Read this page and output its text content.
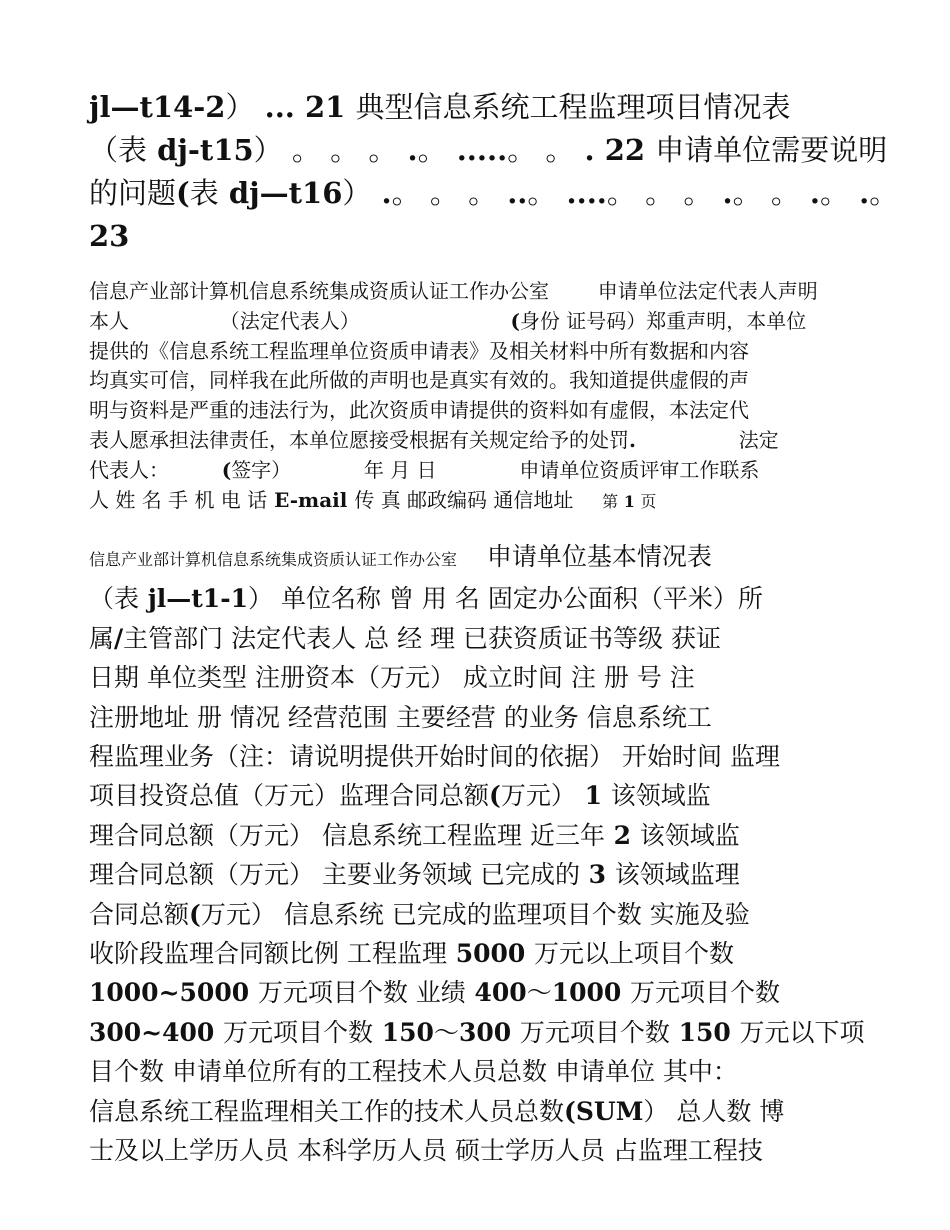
jl—t14-2） ... 21 典型信息系统工程监理项目情况表
（表 dj-t15） 。 。 。 .。 .....。 。 . 22 申请单位需要说明
的问题(表 dj—t16） .。 。 。 ..。 ....。 。 。 .。 。 .。 .。
23
信息产业部计算机信息系统集成资质认证工作办公室 申请单位法定代表人声明
本人	（法定代表人）	(身份 证号码）郑重声明，本单位
提供的《信息系统工程监理单位资质申请表》及相关材料中所有数据和内容
均真实可信，同样我在此所做的声明也是真实有效的。我知道提供虚假的声
明与资料是严重的违法行为，此次资质申请提供的资料如有虚假，本法定代
表人愿承担法律责任，本单位愿接受根据有关规定给予的处罚.	法定
代表人：	(签字）	年 月 日	申请单位资质评审工作联系
人 姓 名 手 机 电 话 E-mail 传 真 邮政编码 通信地址 第 1 页
信息产业部计算机信息系统集成资质认证工作办公室 申请单位基本情况表
（表 jl—t1-1） 单位名称 曾 用 名 固定办公面积（平米）所
属/主管部门 法定代表人 总 经 理 已获资质证书等级 获证
日期 单位类型 注册资本（万元） 成立时间 注 册 号 注
注册地址 册 情况 经营范围 主要经营 的业务 信息系统工
程监理业务（注：请说明提供开始时间的依据） 开始时间 监理
项目投资总值（万元）监理合同总额(万元） 1 该领域监
理合同总额（万元） 信息系统工程监理 近三年 2 该领域监
理合同总额（万元） 主要业务领域 已完成的 3 该领域监理
合同总额(万元） 信息系统 已完成的监理项目个数 实施及验
收阶段监理合同额比例 工程监理 5000 万元以上项目个数
1000~5000 万元项目个数 业绩 400～1000 万元项目个数
300~400 万元项目个数 150～300 万元项目个数 150 万元以下项
目个数 申请单位所有的工程技术人员总数 申请单位 其中：
信息系统工程监理相关工作的技术人员总数(SUM） 总人数 博
士及以上学历人员 本科学历人员 硕士学历人员 占监理工程技
